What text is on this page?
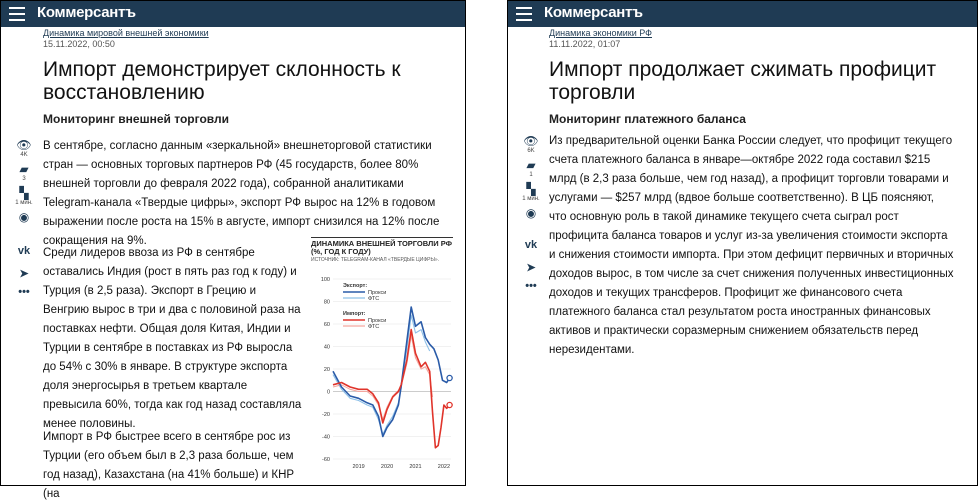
Коммерсантъ
Динамика мировой внешней экономики
15.11.2022, 00:50
Импорт демонстрирует склонность к восстановлению
Мониторинг внешней торговли
👁
4K
▰
3
▚
1 мин.
◉
vk
➤
•••

В сентябре, согласно данным «зеркальной» внешнеторговой статистики стран — основных торговых партнеров РФ (45 государств, более 80% внешней торговли до февраля 2022 года), собранной аналитиками Telegram-канала «Твердые цифры», экспорт РФ вырос на 12% в годовом выражении после роста на 15% в августе, импорт снизился на 12% после сокращения на 9%.

Среди лидеров ввоза из РФ в сентябре оставались Индия (рост в пять раз год к году) и Турция (в 2,5 раза). Экспорт в Грецию и Венгрию вырос в три и два с половиной раза на поставках нефти. Общая доля Китая, Индии и Турции в сентябре в поставках из РФ выросла до 54% с 30% в январе. В структуре экспорта доля энергосырья в третьем квартале превысила 60%, тогда как год назад составляла менее половины.

Импорт в РФ быстрее всего в сентябре рос из Турции (его объем был в 2,3 раза больше, чем год назад), Казахстана (на 41% больше) и КНР (на

ДИНАМИКА ВНЕШНЕЙ ТОРГОВЛИ РФ (%, ГОД К ГОДУ)
ИСТОЧНИК: TELEGRAM-КАНАЛ «ТВЕРДЫЕ ЦИФРЫ».
100
80
60
40
20
0
-20
-40
-60
2019	2020	2021	2022
Экспорт:
Прокси
ФТС
Импорт:
Прокси
ФТС
Коммерсантъ
Динамика экономики РФ
11.11.2022, 01:07
Импорт продолжает сжимать профицит торговли
Мониторинг платежного баланса
👁
6K
▰
1
▚
1 мин.
◉
vk
➤
•••

Из предварительной оценки Банка России следует, что профицит текущего счета платежного баланса в январе—октябре 2022 года составил $215 млрд (в 2,3 раза больше, чем год назад), а профицит торговли товарами и услугами — $257 млрд (вдвое больше соответственно). В ЦБ поясняют, что основную роль в такой динамике текущего счета сыграл рост профицита баланса товаров и услуг из-за увеличения стоимости экспорта и снижения стоимости импорта. При этом дефицит первичных и вторичных доходов вырос, в том числе за счет снижения полученных инвестиционных доходов и текущих трансферов. Профицит же финансового счета платежного баланса стал результатом роста иностранных финансовых активов и практически соразмерным снижением обязательств перед нерезидентами.
